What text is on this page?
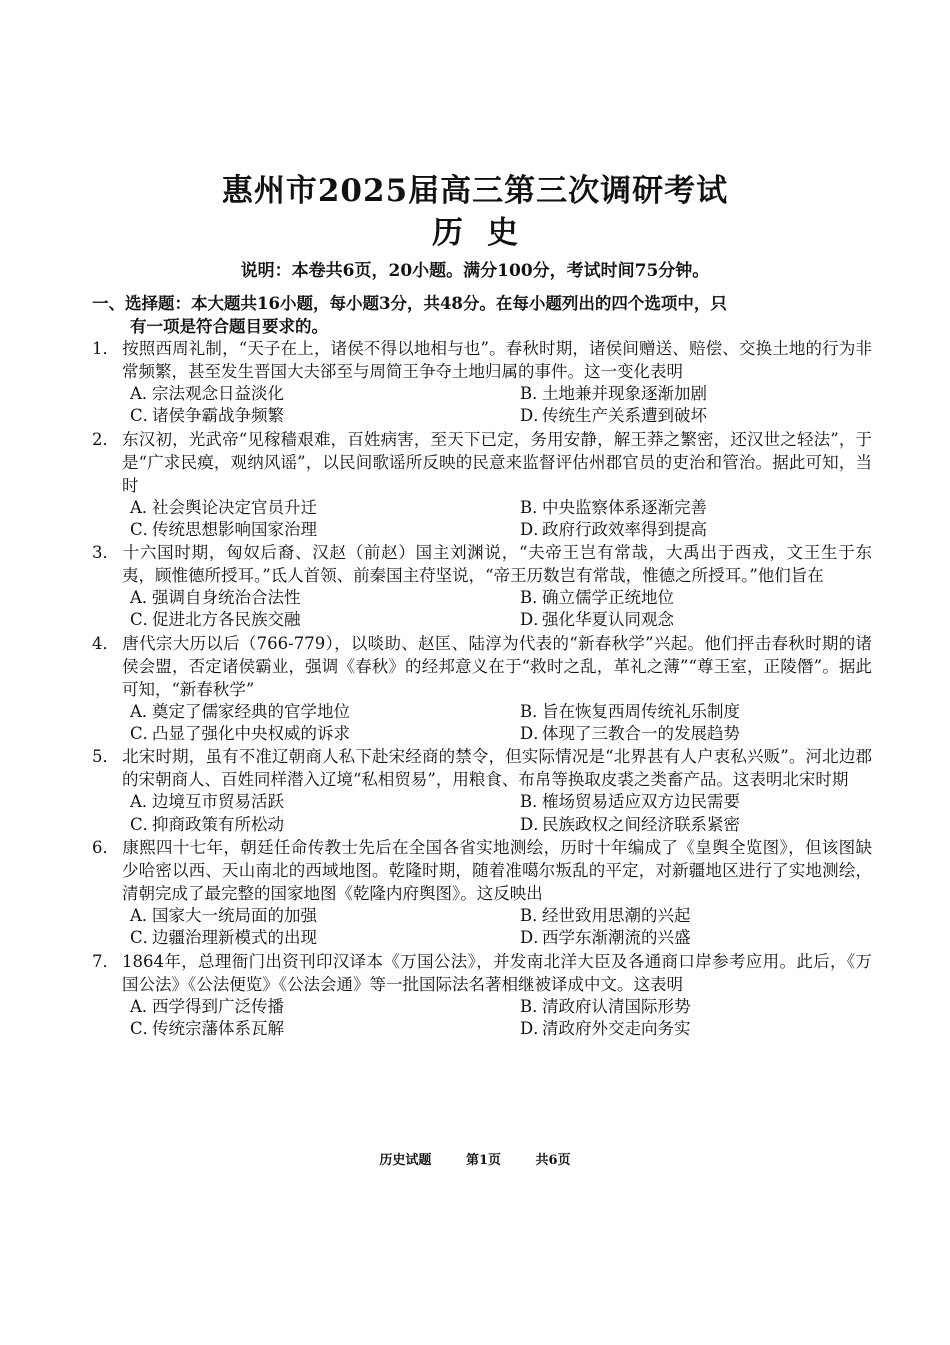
惠州市2025届高三第三次调研考试
历史
说明：本卷共6页，20小题。满分100分，考试时间75分钟。
一、选择题：本大题共16小题，每小题3分，共48分。在每小题列出的四个选项中，只
有一项是符合题目要求的。
1． 按照西周礼制，“天子在上，诸侯不得以地相与也”。春秋时期，诸侯间赠送、赔偿、交换土地的行为非常频繁，甚至发生晋国大夫郤至与周简王争夺土地归属的事件。这一变化表明
A．宗法观念日益淡化	B．土地兼并现象逐渐加剧
C．诸侯争霸战争频繁	D．传统生产关系遭到破坏
2． 东汉初，光武帝“见稼穑艰难，百姓病害，至天下已定，务用安静，解王莽之繁密，还汉世之轻法”，于是“广求民瘼，观纳风谣”，以民间歌谣所反映的民意来监督评估州郡官员的吏治和管治。据此可知，当时
A．社会舆论决定官员升迁	B．中央监察体系逐渐完善
C．传统思想影响国家治理	D．政府行政效率得到提高
3． 十六国时期，匈奴后裔、汉赵（前赵）国主刘渊说，“夫帝王岂有常哉，大禹出于西戎，文王生于东夷，顾惟德所授耳。”氐人首领、前秦国主苻坚说，“帝王历数岂有常哉，惟德之所授耳。”他们旨在
A．强调自身统治合法性	B．确立儒学正统地位
C．促进北方各民族交融	D．强化华夏认同观念
4． 唐代宗大历以后（766-779），以啖助、赵匡、陆淳为代表的“新春秋学”兴起。他们抨击春秋时期的诸侯会盟，否定诸侯霸业，强调《春秋》的经邦意义在于“救时之乱，革礼之薄”“尊王室，正陵僭”。据此可知，“新春秋学”
A．奠定了儒家经典的官学地位	B．旨在恢复西周传统礼乐制度
C．凸显了强化中央权威的诉求	D．体现了三教合一的发展趋势
5． 北宋时期，虽有不准辽朝商人私下赴宋经商的禁令，但实际情况是“北界甚有人户衷私兴贩”。河北边郡的宋朝商人、百姓同样潜入辽境“私相贸易”，用粮食、布帛等换取皮裘之类畜产品。这表明北宋时期
A．边境互市贸易活跃	B．榷场贸易适应双方边民需要
C．抑商政策有所松动	D．民族政权之间经济联系紧密
6． 康熙四十七年，朝廷任命传教士先后在全国各省实地测绘，历时十年编成了《皇舆全览图》，但该图缺少哈密以西、天山南北的西域地图。乾隆时期，随着准噶尔叛乱的平定，对新疆地区进行了实地测绘，清朝完成了最完整的国家地图《乾隆内府舆图》。这反映出
A．国家大一统局面的加强	B．经世致用思潮的兴起
C．边疆治理新模式的出现	D．西学东渐潮流的兴盛
7． 1864年，总理衙门出资刊印汉译本《万国公法》，并发南北洋大臣及各通商口岸参考应用。此后，《万国公法》《公法便览》《公法会通》等一批国际法名著相继被译成中文。这表明
A．西学得到广泛传播	B．清政府认清国际形势
C．传统宗藩体系瓦解	D．清政府外交走向务实
历史试题	第1页	共6页
